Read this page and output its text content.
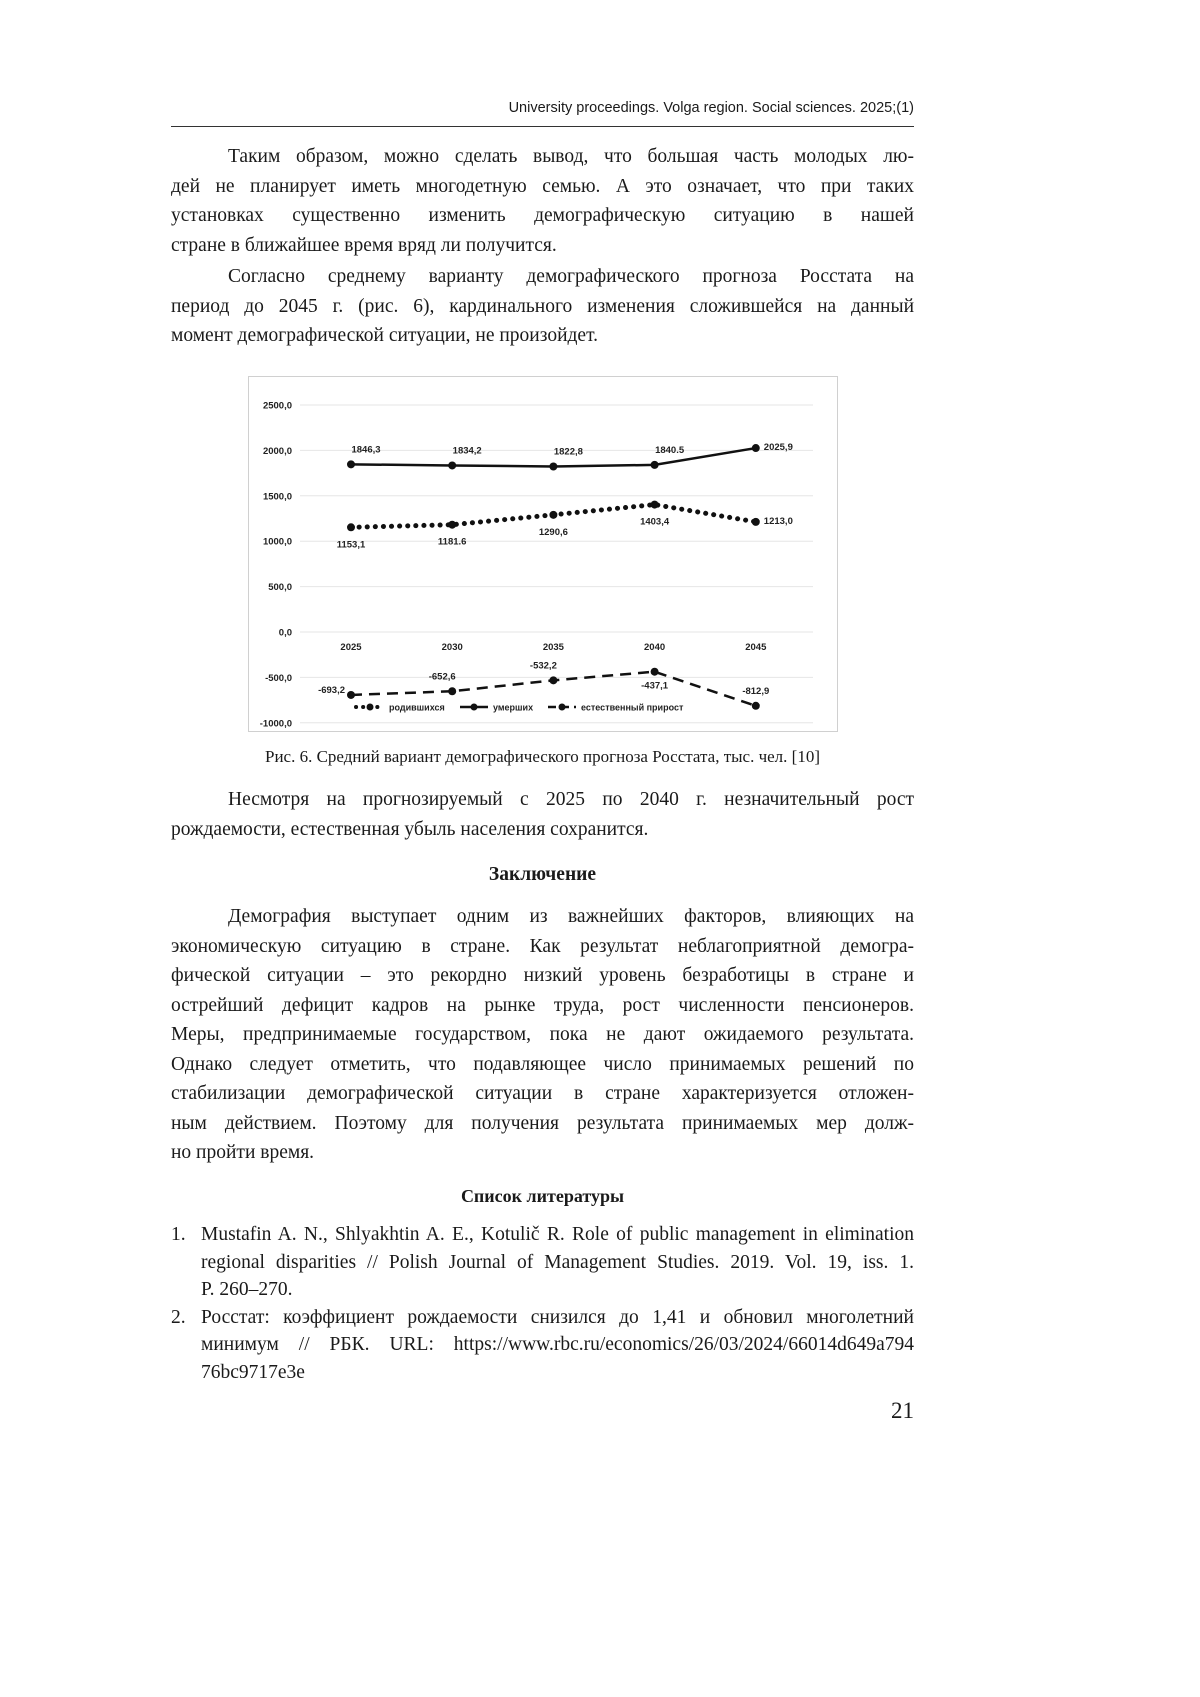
University proceedings. Volga region. Social sciences. 2025;(1)
Таким образом, можно сделать вывод, что большая часть молодых лю-
дей не планирует иметь многодетную семью. А это означает, что при таких
установках существенно изменить демографическую ситуацию в нашей
стране в ближайшее время вряд ли получится.
Согласно среднему варианту демографического прогноза Росстата на
период до 2045 г. (рис. 6), кардинального изменения сложившейся на данный
момент демографической ситуации, не произойдет.
2500,0
2000,0
1500,0
1000,0
500,0
0,0
-500,0
-1000,0
2025	2030	2035	2040	2045
1153,1	1181.6
1290,6
1403,4	1213,0
1846,3	1834,2	1822,8	1840.5	2025,9
-693,2
-652,6
-532,2
-437,1	-812,9
родившихся	умерших	естественный прирост
Рис. 6. Средний вариант демографического прогноза Росстата, тыс. чел. [10]
Несмотря на прогнозируемый с 2025 по 2040 г. незначительный рост
рождаемости, естественная убыль населения сохранится.
Заключение
Демография выступает одним из важнейших факторов, влияющих на
экономическую ситуацию в стране. Как результат неблагоприятной демогра-
фической ситуации – это рекордно низкий уровень безработицы в стране и
острейший дефицит кадров на рынке труда, рост численности пенсионеров.
Меры, предпринимаемые государством, пока не дают ожидаемого результата.
Однако следует отметить, что подавляющее число принимаемых решений по
стабилизации демографической ситуации в стране характеризуется отложен-
ным действием. Поэтому для получения результата принимаемых мер долж-
но пройти время.
Список литературы
1. Mustafin A. N., Shlyakhtin A. E., Kotulič R. Role of public management in elimination
regional disparities // Polish Journal of Management Studies. 2019. Vol. 19, iss. 1.
P. 260–270.
2. Росстат: коэффициент рождаемости снизился до 1,41 и обновил многолетний
минимум // РБК. URL: https://www.rbc.ru/economics/26/03/2024/66014d649a794
76bc9717e3e
21
